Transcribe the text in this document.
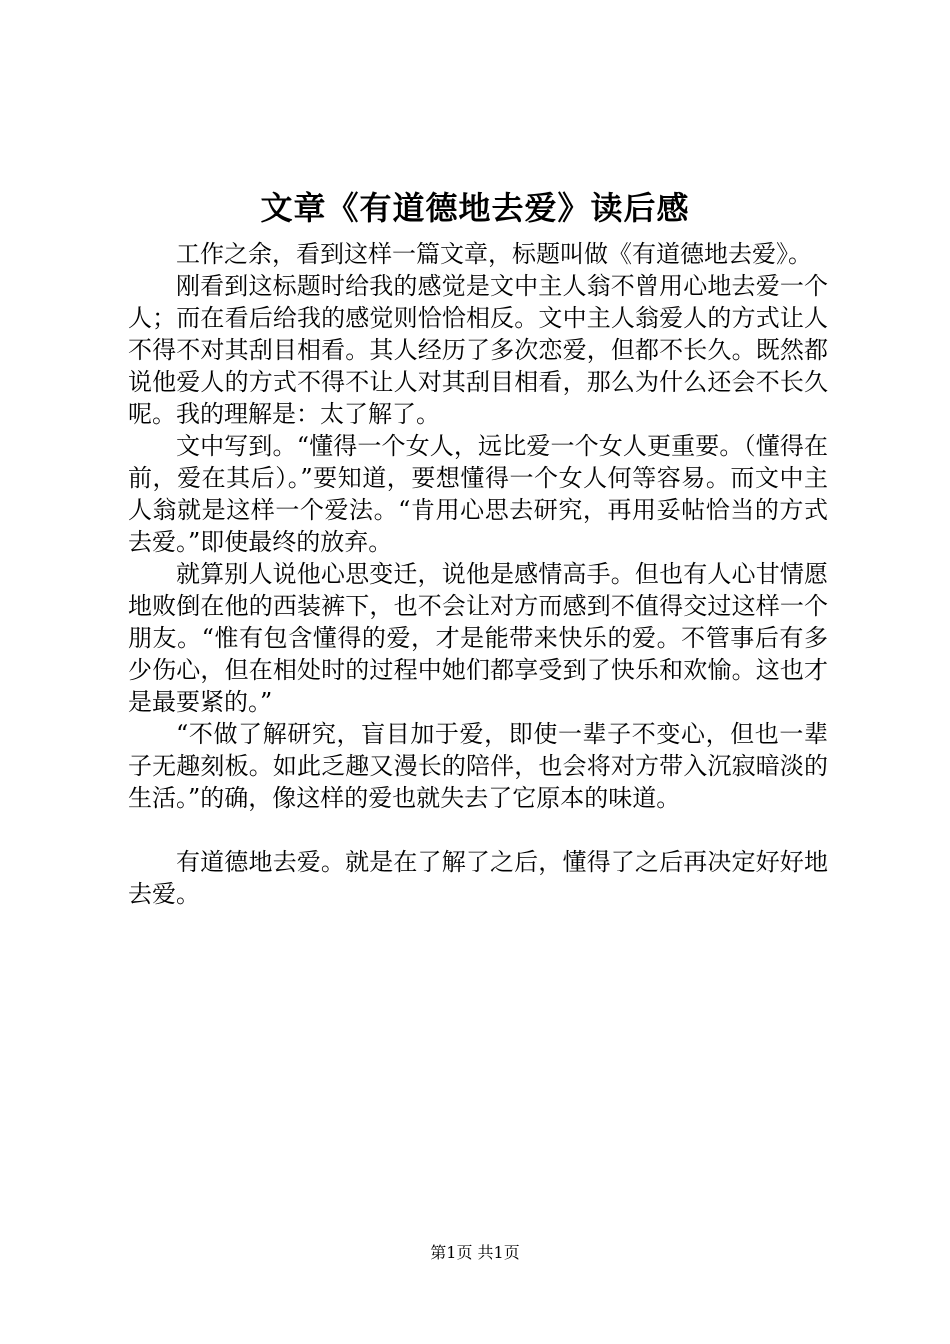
文章《有道德地去爱》读后感

工作之余，看到这样一篇文章，标题叫做《有道德地去爱》。

刚看到这标题时给我的感觉是文中主人翁不曾用心地去爱一个人；而在看后给我的感觉则恰恰相反。文中主人翁爱人的方式让人不得不对其刮目相看。其人经历了多次恋爱，但都不长久。既然都说他爱人的方式不得不让人对其刮目相看，那么为什么还会不长久呢。我的理解是：太了解了。

文中写到。“懂得一个女人，远比爱一个女人更重要。（懂得在前，爱在其后）。”要知道，要想懂得一个女人何等容易。而文中主人翁就是这样一个爱法。“肯用心思去研究，再用妥帖恰当的方式去爱。”即使最终的放弃。

就算别人说他心思变迁，说他是感情高手。但也有人心甘情愿地败倒在他的西装裤下，也不会让对方而感到不值得交过这样一个朋友。“惟有包含懂得的爱，才是能带来快乐的爱。不管事后有多少伤心，但在相处时的过程中她们都享受到了快乐和欢愉。这也才是最要紧的。”

“不做了解研究，盲目加于爱，即使一辈子不变心，但也一辈子无趣刻板。如此乏趣又漫长的陪伴，也会将对方带入沉寂暗淡的生活。”的确，像这样的爱也就失去了它原本的味道。

有道德地去爱。就是在了解了之后，懂得了之后再决定好好地去爱。

第1页 共1页
